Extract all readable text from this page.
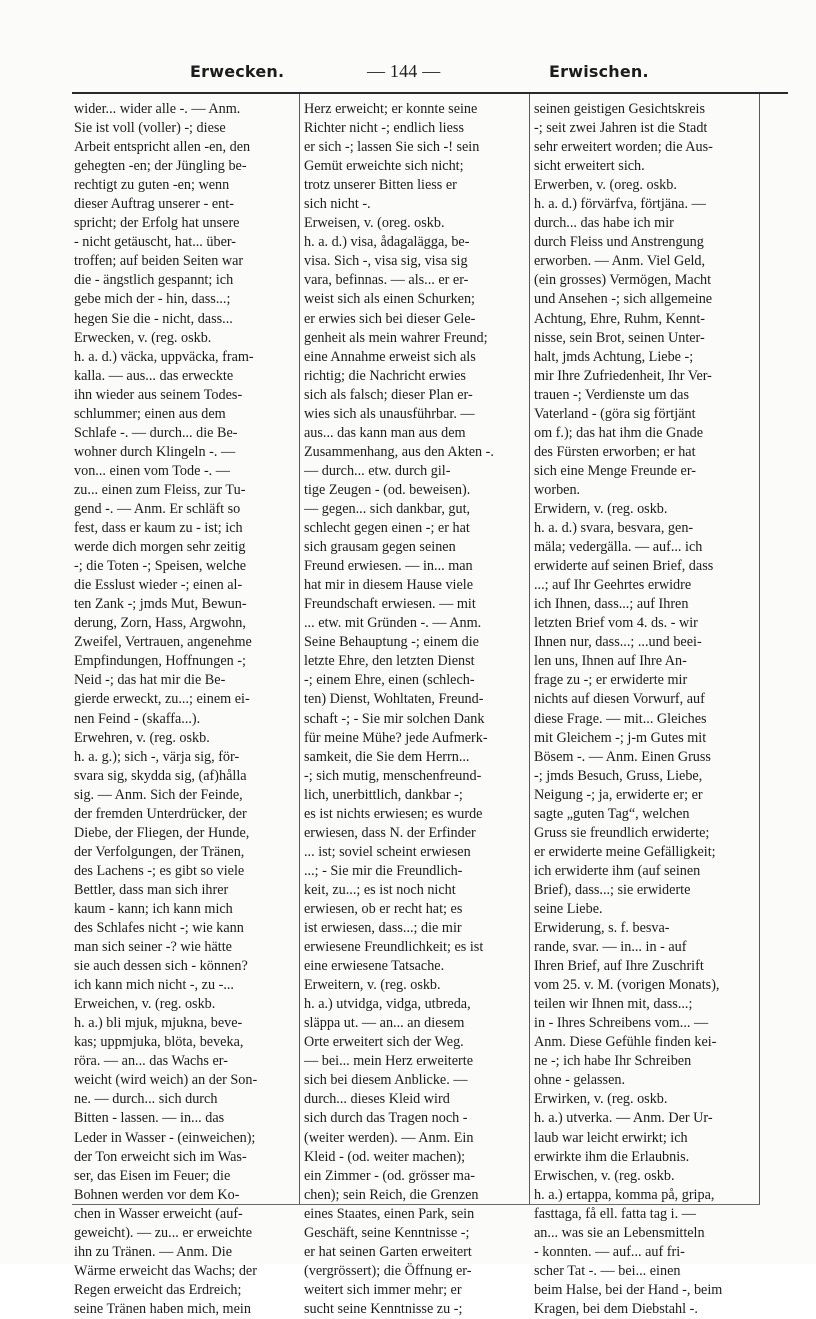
Erwecken.	— 144 —	Erwischen.
wider... wider alle -. — Anm.
Sie ist voll (voller) -; diese
Arbeit entspricht allen -en, den
gehegten -en; der Jüngling be-
rechtigt zu guten -en; wenn
dieser Auftrag unserer - ent-
spricht; der Erfolg hat unsere
- nicht getäuscht, hat... über-
troffen; auf beiden Seiten war
die - ängstlich gespannt; ich
gebe mich der - hin, dass...;
hegen Sie die - nicht, dass...
Erwecken, v. (reg. oskb.
h. a. d.) väcka, uppväcka, fram-
kalla. — aus... das erweckte
ihn wieder aus seinem Todes-
schlummer; einen aus dem
Schlafe -. — durch... die Be-
wohner durch Klingeln -. —
von... einen vom Tode -. —
zu... einen zum Fleiss, zur Tu-
gend -. — Anm. Er schläft so
fest, dass er kaum zu - ist; ich
werde dich morgen sehr zeitig
-; die Toten -; Speisen, welche
die Esslust wieder -; einen al-
ten Zank -; jmds Mut, Bewun-
derung, Zorn, Hass, Argwohn,
Zweifel, Vertrauen, angenehme
Empfindungen, Hoffnungen -;
Neid -; das hat mir die Be-
gierde erweckt, zu...; einem ei-
nen Feind - (skaffa...).
Erwehren, v. (reg. oskb.
h. a. g.); sich -, värja sig, för-
svara sig, skydda sig, (af)hålla
sig. — Anm. Sich der Feinde,
der fremden Unterdrücker, der
Diebe, der Fliegen, der Hunde,
der Verfolgungen, der Tränen,
des Lachens -; es gibt so viele
Bettler, dass man sich ihrer
kaum - kann; ich kann mich
des Schlafes nicht -; wie kann
man sich seiner -? wie hätte
sie auch dessen sich - können?
ich kann mich nicht -, zu -...
Erweichen, v. (reg. oskb.
h. a.) bli mjuk, mjukna, beve-
kas; uppmjuka, blöta, beveka,
röra. — an... das Wachs er-
weicht (wird weich) an der Son-
ne. — durch... sich durch
Bitten - lassen. — in... das
Leder in Wasser - (einweichen);
der Ton erweicht sich im Was-
ser, das Eisen im Feuer; die
Bohnen werden vor dem Ko-
chen in Wasser erweicht (auf-
geweicht). — zu... er erweichte
ihn zu Tränen. — Anm. Die
Wärme erweicht das Wachs; der
Regen erweicht das Erdreich;
seine Tränen haben mich, mein
Herz erweicht; er konnte seine
Richter nicht -; endlich liess
er sich -; lassen Sie sich -! sein
Gemüt erweichte sich nicht;
trotz unserer Bitten liess er
sich nicht -.
Erweisen, v. (oreg. oskb.
h. a. d.) visa, ådagalägga, be-
visa. Sich -, visa sig, visa sig
vara, befinnas. — als... er er-
weist sich als einen Schurken;
er erwies sich bei dieser Gele-
genheit als mein wahrer Freund;
eine Annahme erweist sich als
richtig; die Nachricht erwies
sich als falsch; dieser Plan er-
wies sich als unausführbar. —
aus... das kann man aus dem
Zusammenhang, aus den Akten -.
— durch... etw. durch gil-
tige Zeugen - (od. beweisen).
— gegen... sich dankbar, gut,
schlecht gegen einen -; er hat
sich grausam gegen seinen
Freund erwiesen. — in... man
hat mir in diesem Hause viele
Freundschaft erwiesen. — mit
... etw. mit Gründen -. — Anm.
Seine Behauptung -; einem die
letzte Ehre, den letzten Dienst
-; einem Ehre, einen (schlech-
ten) Dienst, Wohltaten, Freund-
schaft -; - Sie mir solchen Dank
für meine Mühe? jede Aufmerk-
samkeit, die Sie dem Herrn...
-; sich mutig, menschenfreund-
lich, unerbittlich, dankbar -;
es ist nichts erwiesen; es wurde
erwiesen, dass N. der Erfinder
... ist; soviel scheint erwiesen
...; - Sie mir die Freundlich-
keit, zu...; es ist noch nicht
erwiesen, ob er recht hat; es
ist erwiesen, dass...; die mir
erwiesene Freundlichkeit; es ist
eine erwiesene Tatsache.
Erweitern, v. (reg. oskb.
h. a.) utvidga, vidga, utbreda,
släppa ut. — an... an diesem
Orte erweitert sich der Weg.
— bei... mein Herz erweiterte
sich bei diesem Anblicke. —
durch... dieses Kleid wird
sich durch das Tragen noch -
(weiter werden). — Anm. Ein
Kleid - (od. weiter machen);
ein Zimmer - (od. grösser ma-
chen); sein Reich, die Grenzen
eines Staates, einen Park, sein
Geschäft, seine Kenntnisse -;
er hat seinen Garten erweitert
(vergrössert); die Öffnung er-
weitert sich immer mehr; er
sucht seine Kenntnisse zu -;
seinen geistigen Gesichtskreis
-; seit zwei Jahren ist die Stadt
sehr erweitert worden; die Aus-
sicht erweitert sich.
Erwerben, v. (oreg. oskb.
h. a. d.) förvärfva, förtjäna. —
durch... das habe ich mir
durch Fleiss und Anstrengung
erworben. — Anm. Viel Geld,
(ein grosses) Vermögen, Macht
und Ansehen -; sich allgemeine
Achtung, Ehre, Ruhm, Kennt-
nisse, sein Brot, seinen Unter-
halt, jmds Achtung, Liebe -;
mir Ihre Zufriedenheit, Ihr Ver-
trauen -; Verdienste um das
Vaterland - (göra sig förtjänt
om f.); das hat ihm die Gnade
des Fürsten erworben; er hat
sich eine Menge Freunde er-
worben.
Erwidern, v. (reg. oskb.
h. a. d.) svara, besvara, gen-
mäla; vedergälla. — auf... ich
erwiderte auf seinen Brief, dass
...; auf Ihr Geehrtes erwidre
ich Ihnen, dass...; auf Ihren
letzten Brief vom 4. ds. - wir
Ihnen nur, dass...; ...und beei-
len uns, Ihnen auf Ihre An-
frage zu -; er erwiderte mir
nichts auf diesen Vorwurf, auf
diese Frage. — mit... Gleiches
mit Gleichem -; j-m Gutes mit
Bösem -. — Anm. Einen Gruss
-; jmds Besuch, Gruss, Liebe,
Neigung -; ja, erwiderte er; er
sagte „guten Tag“, welchen
Gruss sie freundlich erwiderte;
er erwiderte meine Gefälligkeit;
ich erwiderte ihm (auf seinen
Brief), dass...; sie erwiderte
seine Liebe.
Erwiderung, s. f. besva-
rande, svar. — in... in - auf
Ihren Brief, auf Ihre Zuschrift
vom 25. v. M. (vorigen Monats),
teilen wir Ihnen mit, dass...;
in - Ihres Schreibens vom... —
Anm. Diese Gefühle finden kei-
ne -; ich habe Ihr Schreiben
ohne - gelassen.
Erwirken, v. (reg. oskb.
h. a.) utverka. — Anm. Der Ur-
laub war leicht erwirkt; ich
erwirkte ihm die Erlaubnis.
Erwischen, v. (reg. oskb.
h. a.) ertappa, komma på, gripa,
fasttaga, få ell. fatta tag i. —
an... was sie an Lebensmitteln
- konnten. — auf... auf fri-
scher Tat -. — bei... einen
beim Halse, bei der Hand -, beim
Kragen, bei dem Diebstahl -.
